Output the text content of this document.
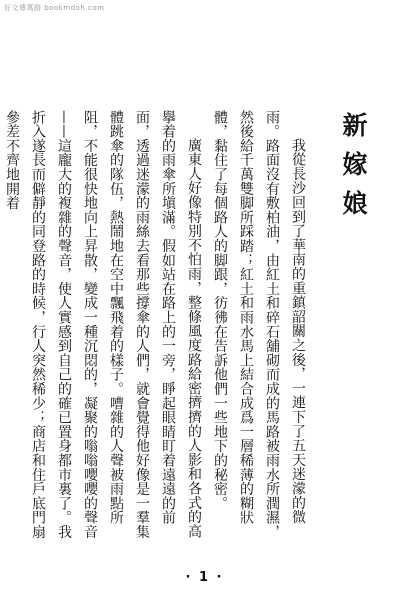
好文傳萬路 bookmdoh.com
新嫁娘

我從長沙回到了華南的重鎮韶關之後，一連下了五天迷濛的微雨。路面沒有敷柏油，由紅土和碎石舖砌而成的馬路被雨水所潤濕，然後給千萬雙脚所踩踏；紅土和雨水馬上結合成爲一層稀薄的糊狀體，黏住了每個路人的脚跟，彷彿在告訴他們一些地下的秘密。

廣東人好像特別不怕雨，整條風度路給密擠擠的人影和各式的高擧着的雨傘所塡滿。假如站在路上的一旁，睜起眼睛盯着遠遠的前面，透過迷濛的雨絲去看那些撐傘的人們，就會覺得他好像是一羣集體跳傘的隊伍，熱鬧地在空中飄飛着的樣子。嘈雜的人聲被雨點所阻，不能很快地向上昇散，變成一種沉悶的，凝聚的嗡嗡嚶嚶的聲音——這龐大的複雜的聲音，使人實感到自己的確已置身都市裏了。我折入遂長而僻靜的同登路的時候，行人突然稀少；商店和住戶底門扇參差不齊地開着

· 1 ·
